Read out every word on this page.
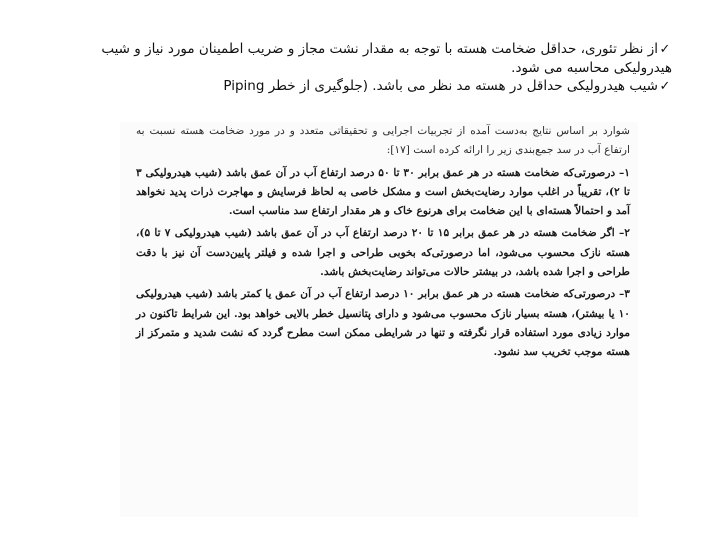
✓از نظر تئوری، حداقل ضخامت هسته با توجه به مقدار نشت مجاز و ضریب اطمینان مورد نیاز و شیب هیدرولیکی محاسبه می شود.

✓شیب هیدرولیکی حداقل در هسته مد نظر می باشد. (جلوگیری از خطر Piping

شوارد بر اساس نتایج به‌دست آمده از تجربیات اجرایی و تحقیقاتی متعدد و در مورد ضخامت هسته نسبت به ارتفاع آب در سد جمع‌بندی زیر را ارائه کرده است [۱۷]:

۱– درصورتی‌که ضخامت هسته در هر عمق برابر ۳۰ تا ۵۰ درصد ارتفاع آب در آن عمق باشد (شیب هیدرولیکی ۳ تا ۲)، تقریباً در اغلب موارد رضایت‌بخش است و مشکل خاصی به لحاظ فرسایش و مهاجرت ذرات پدید نخواهد آمد و احتمالاً هسته‌ای با این ضخامت برای هرنوع خاک و هر مقدار ارتفاع سد مناسب است.

۲– اگر ضخامت هسته در هر عمق برابر ۱۵ تا ۲۰ درصد ارتفاع آب در آن عمق باشد (شیب هیدرولیکی ۷ تا ۵)، هسته نازک محسوب می‌شود، اما درصورتی‌که بخوبی طراحی و اجرا شده و فیلتر پایین‌دست آن نیز با دقت طراحی و اجرا شده باشد، در بیشتر حالات می‌تواند رضایت‌بخش باشد.

۳– درصورتی‌که ضخامت هسته در هر عمق برابر ۱۰ درصد ارتفاع آب در آن عمق یا کمتر باشد (شیب هیدرولیکی ۱۰ یا بیشتر)، هسته بسیار نازک محسوب می‌شود و دارای پتانسیل خطر بالایی خواهد بود. این شرایط تاکنون در موارد زیادی مورد استفاده قرار نگرفته و تنها در شرایطی ممکن است مطرح گردد که نشت شدید و متمرکز از هسته موجب تخریب سد نشود.
